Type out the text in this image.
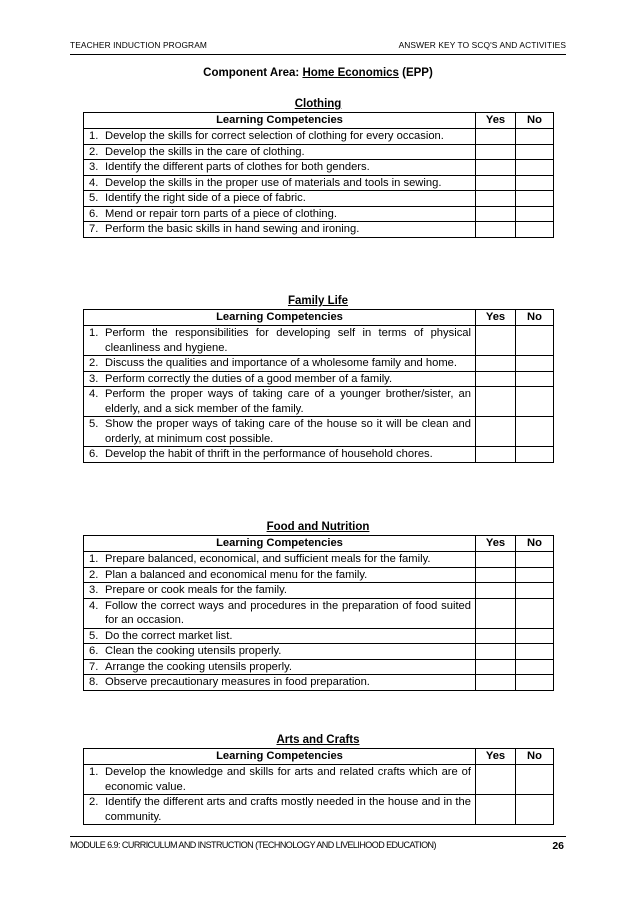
TEACHER INDUCTION PROGRAM	ANSWER KEY TO SCQ'S AND ACTIVITIES
Component Area: Home Economics (EPP)
Clothing
Learning Competencies	Yes	No

1. Develop the skills for correct selection of clothing for every occasion.		

2. Develop the skills in the care of clothing.		

3. Identify the different parts of clothes for both genders.		

4. Develop the skills in the proper use of materials and tools in sewing.		

5. Identify the right side of a piece of fabric.		

6. Mend or repair torn parts of a piece of clothing.		

7. Perform the basic skills in hand sewing and ironing.		

Family Life
Learning Competencies	Yes	No

1. Perform the responsibilities for developing self in terms of physical cleanliness and hygiene.		

2. Discuss the qualities and importance of a wholesome family and home.		

3. Perform correctly the duties of a good member of a family.		

4. Perform the proper ways of taking care of a younger brother/sister, an elderly, and a sick member of the family.		

5. Show the proper ways of taking care of the house so it will be clean and orderly, at minimum cost possible.		

6. Develop the habit of thrift in the performance of household chores.		

Food and Nutrition
Learning Competencies	Yes	No

1. Prepare balanced, economical, and sufficient meals for the family.		

2. Plan a balanced and economical menu for the family.		

3. Prepare or cook meals for the family.		

4. Follow the correct ways and procedures in the preparation of food suited for an occasion.		

5. Do the correct market list.		

6. Clean the cooking utensils properly.		

7. Arrange the cooking utensils properly.		

8. Observe precautionary measures in food preparation.		

Arts and Crafts
Learning Competencies	Yes	No

1. Develop the knowledge and skills for arts and related crafts which are of economic value.		

2. Identify the different arts and crafts mostly needed in the house and in the community.		

MODULE 6.9: CURRICULUM AND INSTRUCTION (TECHNOLOGY AND LIVELIHOOD EDUCATION)	26
